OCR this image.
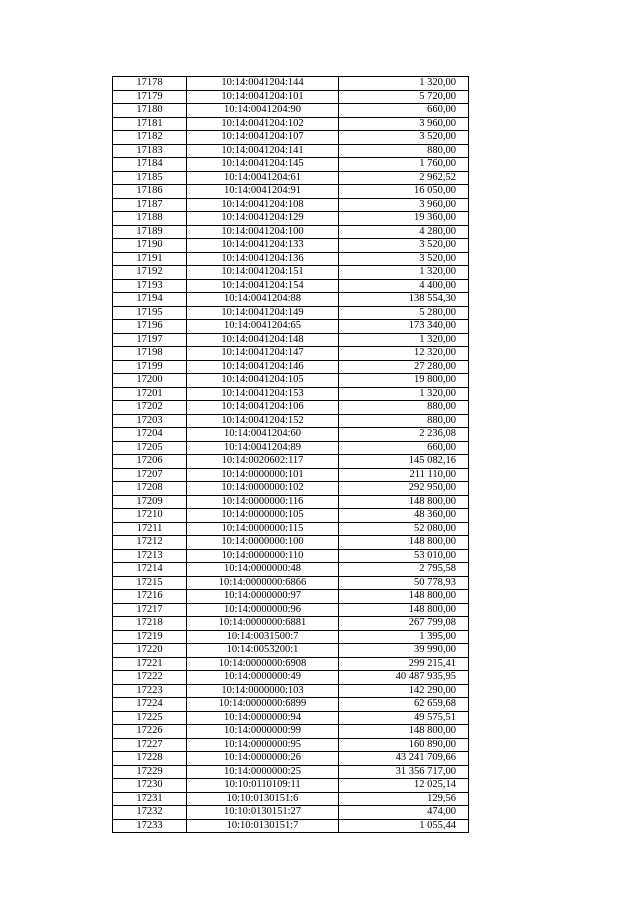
17178	10:14:0041204:144	1 320,00
17179	10:14:0041204:101	5 720,00
17180	10:14:0041204:90	660,00
17181	10:14:0041204:102	3 960,00
17182	10:14:0041204:107	3 520,00
17183	10:14:0041204:141	880,00
17184	10:14:0041204:145	1 760,00
17185	10:14:0041204:61	2 962,52
17186	10:14:0041204:91	16 050,00
17187	10:14:0041204:108	3 960,00
17188	10:14:0041204:129	19 360,00
17189	10:14:0041204:100	4 280,00
17190	10:14:0041204:133	3 520,00
17191	10:14:0041204:136	3 520,00
17192	10:14:0041204:151	1 320,00
17193	10:14:0041204:154	4 400,00
17194	10:14:0041204:88	138 554,30
17195	10:14:0041204:149	5 280,00
17196	10:14:0041204:65	173 340,00
17197	10:14:0041204:148	1 320,00
17198	10:14:0041204:147	12 320,00
17199	10:14:0041204:146	27 280,00
17200	10:14:0041204:105	19 800,00
17201	10:14:0041204:153	1 320,00
17202	10:14:0041204:106	880,00
17203	10:14:0041204:152	880,00
17204	10:14:0041204:60	2 236,08
17205	10:14:0041204:89	660,00
17206	10:14:0020602:117	145 082,16
17207	10:14:0000000:101	211 110,00
17208	10:14:0000000:102	292 950,00
17209	10:14:0000000:116	148 800,00
17210	10:14:0000000:105	48 360,00
17211	10:14:0000000:115	52 080,00
17212	10:14:0000000:100	148 800,00
17213	10:14:0000000:110	53 010,00
17214	10:14:0000000:48	2 795,58
17215	10:14:0000000:6866	50 778,93
17216	10:14:0000000:97	148 800,00
17217	10:14:0000000:96	148 800,00
17218	10:14:0000000:6881	267 799,08
17219	10:14:0031500:7	1 395,00
17220	10:14:0053200:1	39 990,00
17221	10:14:0000000:6908	299 215,41
17222	10:14:0000000:49	40 487 935,95
17223	10:14:0000000:103	142 290,00
17224	10:14:0000000:6899	62 659,68
17225	10:14:0000000:94	49 575,51
17226	10:14:0000000:99	148 800,00
17227	10:14:0000000:95	160 890,00
17228	10:14:0000000:26	43 241 709,66
17229	10:14:0000000:25	31 356 717,00
17230	10:10:0110109:11	12 025,14
17231	10:10:0130151:6	129,56
17232	10:10:0130151:27	474,00
17233	10:10:0130151:7	1 055,44
